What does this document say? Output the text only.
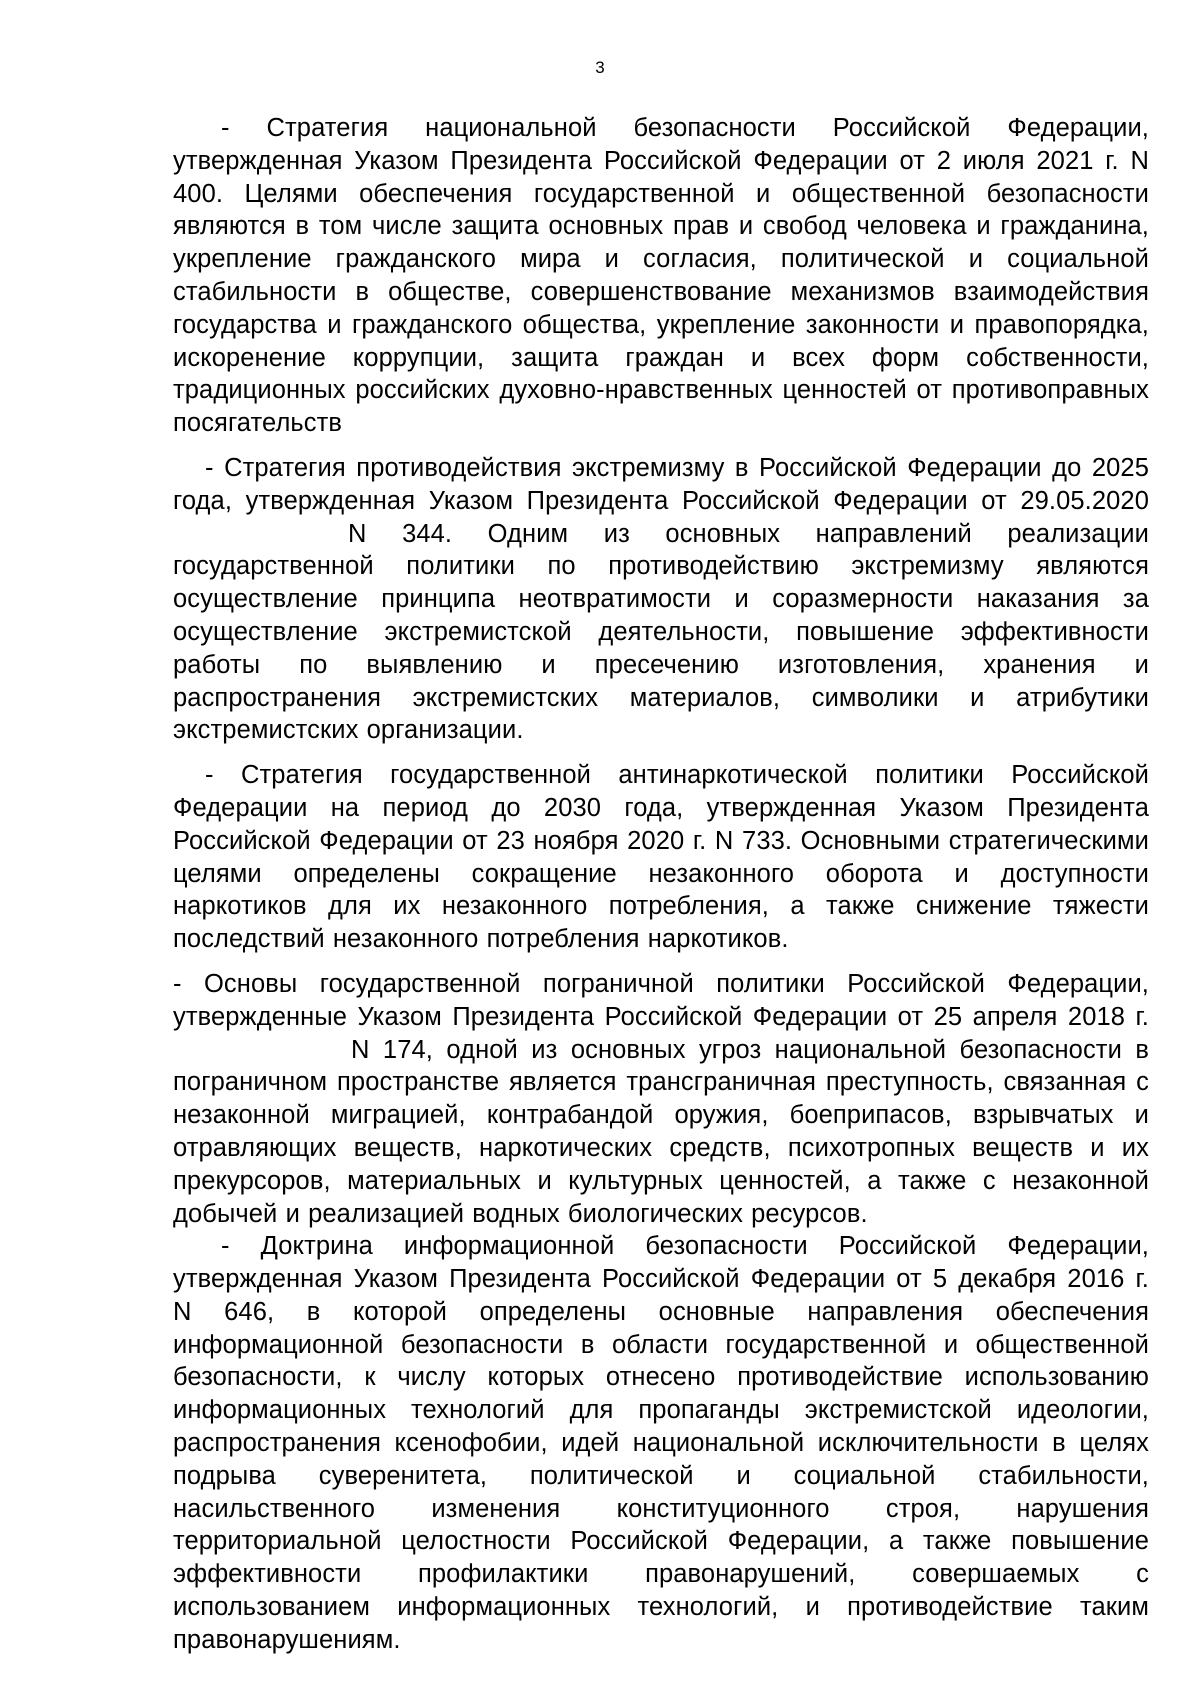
3

- Стратегия национальной безопасности Российской Федерации, утвержденная Указом Президента Российской Федерации от 2 июля 2021 г. N 400. Целями обеспечения государственной и общественной безопасности являются в том числе защита основных прав и свобод человека и гражданина, укрепление гражданского мира и согласия, политической и социальной стабильности в обществе, совершенствование механизмов взаимодействия государства и гражданского общества, укрепление законности и правопорядка, искоренение коррупции, защита граждан и всех форм собственности, традиционных российских духовно-нравственных ценностей от противоправных посягательств

- Стратегия противодействия экстремизму в Российской Федерации до 2025 года, утвержденная Указом Президента Российской Федерации от 29.05.2020N 344. Одним из основных направлений реализации государственной политики по противодействию экстремизму являются осуществление принципа неотвратимости и соразмерности наказания за осуществление экстремистской деятельности, повышение эффективности работы по выявлению и пресечению изготовления, хранения и распространения экстремистских материалов, символики и атрибутики экстремистских организации.

- Стратегия государственной антинаркотической политики Российской Федерации на период до 2030 года, утвержденная Указом Президента Российской Федерации от 23 ноября 2020 г. N 733. Основными стратегическими целями определены сокращение незаконного оборота и доступности наркотиков для их незаконного потребления, а также снижение тяжести последствий незаконного потребления наркотиков.

- Основы государственной пограничной политики Российской Федерации, утвержденные Указом Президента Российской Федерации от 25 апреля 2018 г.N 174, одной из основных угроз национальной безопасности в пограничном пространстве является трансграничная преступность, связанная с незаконной миграцией, контрабандой оружия, боеприпасов, взрывчатых и отравляющих веществ, наркотических средств, психотропных веществ и их прекурсоров, материальных и культурных ценностей, а также с незаконной добычей и реализацией водных биологических ресурсов.

- Доктрина информационной безопасности Российской Федерации, утвержденная Указом Президента Российской Федерации от 5 декабря 2016 г. N 646, в которой определены основные направления обеспечения информационной безопасности в области государственной и общественной безопасности, к числу которых отнесено противодействие использованию информационных технологий для пропаганды экстремистской идеологии, распространения ксенофобии, идей национальной исключительности в целях подрыва суверенитета, политической и социальной стабильности, насильственного изменения конституционного строя, нарушения территориальной целостности Российской Федерации, а также повышение эффективности профилактики правонарушений, совершаемых с использованием информационных технологий, и противодействие таким правонарушениям.
